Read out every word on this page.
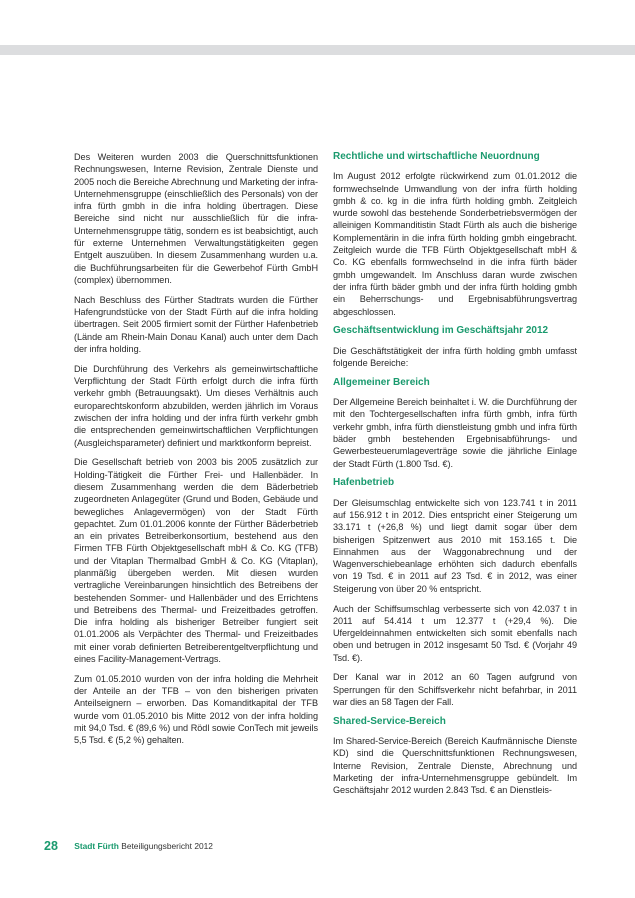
Des Weiteren wurden 2003 die Querschnittsfunktionen Rechnungswesen, Interne Revision, Zentrale Dienste und 2005 noch die Bereiche Abrechnung und Marketing der infra-Unternehmensgruppe (einschließlich des Personals) von der infra fürth gmbh in die infra holding übertragen. Diese Bereiche sind nicht nur ausschließlich für die infra-Unternehmensgruppe tätig, sondern es ist beabsichtigt, auch für externe Unternehmen Verwaltungstätigkeiten gegen Entgelt auszuüben. In diesem Zusammenhang wurden u.a. die Buchführungsarbeiten für die Gewerbehof Fürth GmbH (complex) übernommen.

Nach Beschluss des Fürther Stadtrats wurden die Fürther Hafengrundstücke von der Stadt Fürth auf die infra holding übertragen. Seit 2005 firmiert somit der Fürther Hafenbetrieb (Lände am Rhein-Main Donau Kanal) auch unter dem Dach der infra holding.

Die Durchführung des Verkehrs als gemeinwirtschaftliche Verpflichtung der Stadt Fürth erfolgt durch die infra fürth verkehr gmbh (Betrauungsakt). Um dieses Verhältnis auch europarechtskonform abzubilden, werden jährlich im Voraus zwischen der infra holding und der infra fürth verkehr gmbh die entsprechenden gemeinwirtschaftlichen Verpflichtungen (Ausgleichsparameter) definiert und marktkonform bepreist.

Die Gesellschaft betrieb von 2003 bis 2005 zusätzlich zur Holding-Tätigkeit die Fürther Frei- und Hallenbäder. In diesem Zusammenhang werden die dem Bäderbetrieb zugeordneten Anlagegüter (Grund und Boden, Gebäude und bewegliches Anlagevermögen) von der Stadt Fürth gepachtet. Zum 01.01.2006 konnte der Fürther Bäderbetrieb an ein privates Betreiberkonsortium, bestehend aus den Firmen TFB Fürth Objektgesellschaft mbH & Co. KG (TFB) und der Vitaplan Thermalbad GmbH & Co. KG (Vitaplan), planmäßig übergeben werden. Mit diesen wurden vertragliche Vereinbarungen hinsichtlich des Betreibens der bestehenden Sommer- und Hallenbäder und des Errichtens und Betreibens des Thermal- und Freizeitbades getroffen. Die infra holding als bisheriger Betreiber fungiert seit 01.01.2006 als Verpächter des Thermal- und Freizeitbades mit einer vorab definierten Betreiberentgeltverpflichtung und eines Facility-Management-Vertrags.

Zum 01.05.2010 wurden von der infra holding die Mehrheit der Anteile an der TFB – von den bisherigen privaten Anteilseignern – erworben. Das Komanditkapital der TFB wurde vom 01.05.2010 bis Mitte 2012 von der infra holding mit 94,0 Tsd. € (89,6 %) und Rödl sowie ConTech mit jeweils 5,5 Tsd. € (5,2 %) gehalten.

Rechtliche und wirtschaftliche Neuordnung

Im August 2012 erfolgte rückwirkend zum 01.01.2012 die formwechselnde Umwandlung von der infra fürth holding gmbh & co. kg in die infra fürth holding gmbh. Zeitgleich wurde sowohl das bestehende Sonderbetriebsvermögen der alleinigen Kommanditistin Stadt Fürth als auch die bisherige Komplementärin in die infra fürth holding gmbh eingebracht. Zeitgleich wurde die TFB Fürth Objektgesellschaft mbH & Co. KG ebenfalls formwechselnd in die infra fürth bäder gmbh umgewandelt. Im Anschluss daran wurde zwischen der infra fürth bäder gmbh und der infra fürth holding gmbh ein Beherrschungs- und Ergebnisabführungsvertrag abgeschlossen.

Geschäftsentwicklung im Geschäftsjahr 2012

Die Geschäftstätigkeit der infra fürth holding gmbh umfasst folgende Bereiche:

Allgemeiner Bereich

Der Allgemeine Bereich beinhaltet i. W. die Durchführung der mit den Tochtergesellschaften infra fürth gmbh, infra fürth verkehr gmbh, infra fürth dienstleistung gmbh und infra fürth bäder gmbh bestehenden Ergebnisabführungs- und Gewerbesteuerumlageverträge sowie die jährliche Einlage der Stadt Fürth (1.800 Tsd. €).

Hafenbetrieb

Der Gleisumschlag entwickelte sich von 123.741 t in 2011 auf 156.912 t in 2012. Dies entspricht einer Steigerung um 33.171 t (+26,8 %) und liegt damit sogar über dem bisherigen Spitzenwert aus 2010 mit 153.165 t. Die Einnahmen aus der Waggonabrechnung und der Wagenverschiebeanlage erhöhten sich dadurch ebenfalls von 19 Tsd. € in 2011 auf 23 Tsd. € in 2012, was einer Steigerung von über 20 % entspricht.

Auch der Schiffsumschlag verbesserte sich von 42.037 t in 2011 auf 54.414 t um 12.377 t (+29,4 %). Die Ufergeldeinnahmen entwickelten sich somit ebenfalls nach oben und betrugen in 2012 insgesamt 50 Tsd. € (Vorjahr 49 Tsd. €).

Der Kanal war in 2012 an 60 Tagen aufgrund von Sperrungen für den Schiffsverkehr nicht befahrbar, in 2011 war dies an 58 Tagen der Fall.

Shared-Service-Bereich

Im Shared-Service-Bereich (Bereich Kaufmännische Dienste KD) sind die Querschnittsfunktionen Rechnungswesen, Interne Revision, Zentrale Dienste, Abrechnung und Marketing der infra-Unternehmensgruppe gebündelt. Im Geschäftsjahr 2012 wurden 2.843 Tsd. € an Dienstleis-

28 Stadt Fürth Beteiligungsbericht 2012
